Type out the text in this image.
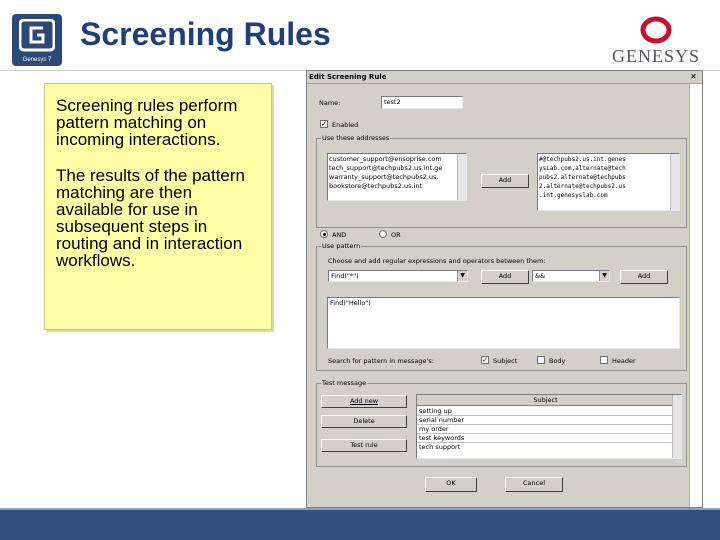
Genesys 7
Screening Rules
GENESYS

Screening rules perform pattern matching on incoming interactions.

The results of the pattern matching are then available for use in subsequent steps in routing and in interaction workflows.

Edit Screening Rule	✕
Name:	test2
✓ Enabled
Use these addresses
customer_support@ensoprise.com
tech_support@techpubs2.us.int.ge
warranty_support@techpubs2.us.
bookstore@techpubs2.us.int
Add
#@techpubs2.us.int.genes
ysLab.com,alternate@tech
pubs2.alternate@techpubs
2.alternate@techpubs2.us
.int.genesyslab.com
AND	OR
Use pattern
Choose and add regular expressions and operators between them:
Find("*")	▼	Add	&&	▼	Add
Find("Hello")
Search for pattern in message's:	✓ Subject	Body	Header
Test message
Add new
Delete
Test rule
Subject
setting up
serial number
my order
test keywords
tech support
OK	Cancel
